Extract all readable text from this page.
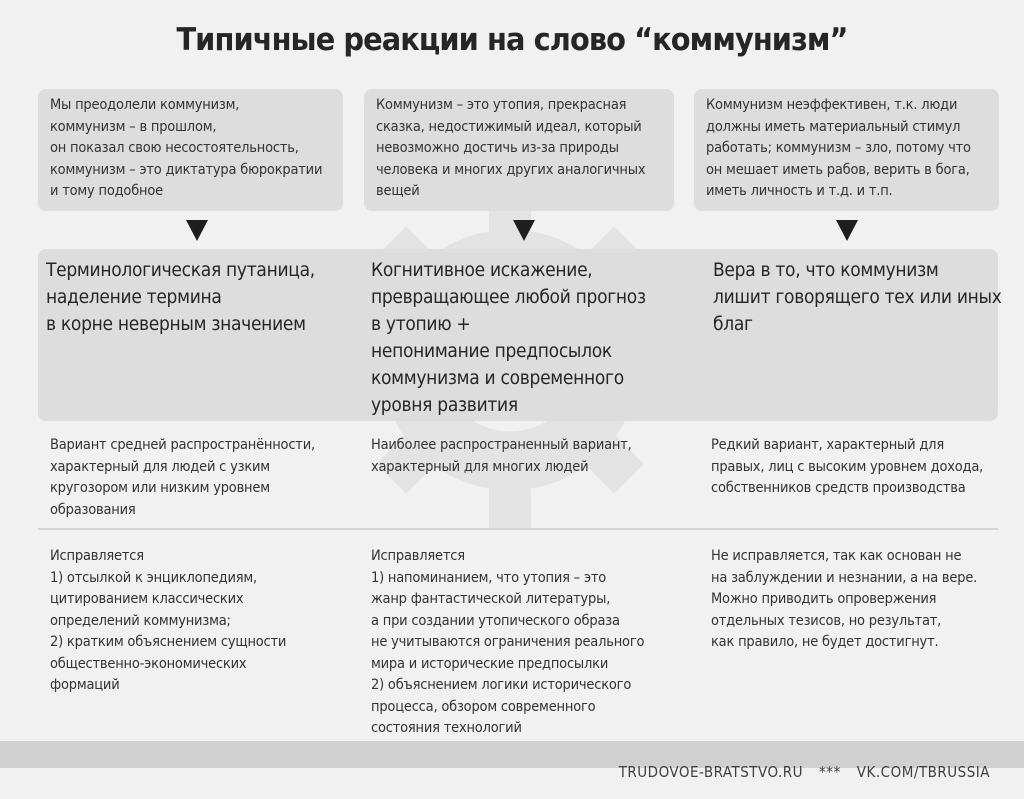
Типичные реакции на слово “коммунизм”

Мы преодолели коммунизм,
коммунизм – в прошлом,
он показал свою несостоятельность,
коммунизм – это диктатура бюрократии
и тому подобное

Терминологическая путаница,
наделение термина
в корне неверным значением

Когнитивное искажение,
превращающее любой прогноз
в утопию +
непонимание предпосылок
коммунизма и современного
уровня развития

Вера в то, что коммунизм
лишит говорящего тех или иных
благ

Вариант средней распространённости,
характерный для людей с узким
кругозором или низким уровнем
образования

Исправляется
1) отсылкой к энциклопедиям,
цитированием классических
определений коммунизма;
2) кратким объяснением сущности
общественно-экономических
формаций

Коммунизм – это утопия, прекрасная
сказка, недостижимый идеал, который
невозможно достичь из-за природы
человека и многих других аналогичных
вещей

Наиболее распространенный вариант,
характерный для многих людей

Исправляется
1) напоминанием, что утопия – это
жанр фантастической литературы,
а при создании утопического образа
не учитываются ограничения реального
мира и исторические предпосылки
2) объяснением логики исторического
процесса, обзором современного
состояния технологий

Коммунизм неэффективен, т.к. люди
должны иметь материальный стимул
работать; коммунизм – зло, потому что
он мешает иметь рабов, верить в бога,
иметь личность и т.д. и т.п.

Редкий вариант, характерный для
правых, лиц с высоким уровнем дохода,
собственников средств производства

Не исправляется, так как основан не
на заблуждении и незнании, а на вере.
Можно приводить опровержения
отдельных тезисов, но результат,
как правило, не будет достигнут.

TRUDOVOE-BRATSTVO.RU *** VK.COM/TBRUSSIA
